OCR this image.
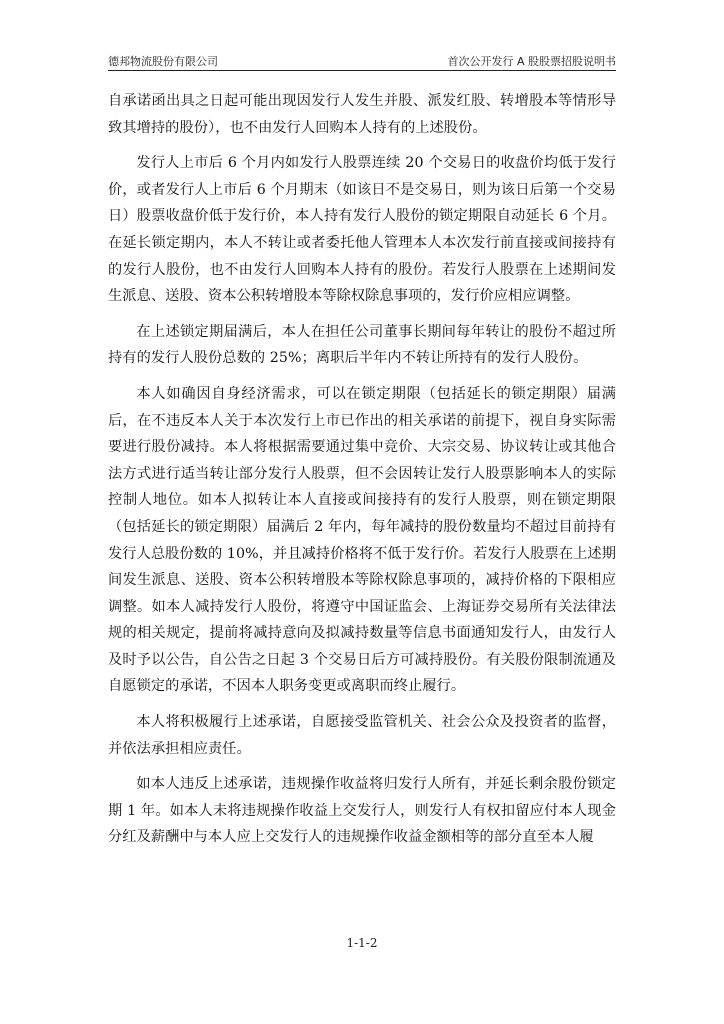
德邦物流股份有限公司	首次公开发行 A 股股票招股说明书

自承诺函出具之日起可能出现因发行人发生并股、派发红股、转增股本等情形导致其增持的股份），也不由发行人回购本人持有的上述股份。

发行人上市后 6 个月内如发行人股票连续 20 个交易日的收盘价均低于发行价，或者发行人上市后 6 个月期末（如该日不是交易日，则为该日后第一个交易日）股票收盘价低于发行价，本人持有发行人股份的锁定期限自动延长 6 个月。在延长锁定期内，本人不转让或者委托他人管理本人本次发行前直接或间接持有的发行人股份，也不由发行人回购本人持有的股份。若发行人股票在上述期间发生派息、送股、资本公积转增股本等除权除息事项的，发行价应相应调整。

在上述锁定期届满后，本人在担任公司董事长期间每年转让的股份不超过所持有的发行人股份总数的 25%；离职后半年内不转让所持有的发行人股份。

本人如确因自身经济需求，可以在锁定期限（包括延长的锁定期限）届满后，在不违反本人关于本次发行上市已作出的相关承诺的前提下，视自身实际需要进行股份减持。本人将根据需要通过集中竞价、大宗交易、协议转让或其他合法方式进行适当转让部分发行人股票，但不会因转让发行人股票影响本人的实际控制人地位。如本人拟转让本人直接或间接持有的发行人股票，则在锁定期限（包括延长的锁定期限）届满后 2 年内，每年减持的股份数量均不超过目前持有发行人总股份数的 10%，并且减持价格将不低于发行价。若发行人股票在上述期间发生派息、送股、资本公积转增股本等除权除息事项的，减持价格的下限相应调整。如本人减持发行人股份，将遵守中国证监会、上海证券交易所有关法律法规的相关规定，提前将减持意向及拟减持数量等信息书面通知发行人，由发行人及时予以公告，自公告之日起 3 个交易日后方可减持股份。有关股份限制流通及自愿锁定的承诺，不因本人职务变更或离职而终止履行。

本人将积极履行上述承诺，自愿接受监管机关、社会公众及投资者的监督，并依法承担相应责任。

如本人违反上述承诺，违规操作收益将归发行人所有，并延长剩余股份锁定期 1 年。如本人未将违规操作收益上交发行人，则发行人有权扣留应付本人现金分红及薪酬中与本人应上交发行人的违规操作收益金额相等的部分直至本人履

1-1-2
